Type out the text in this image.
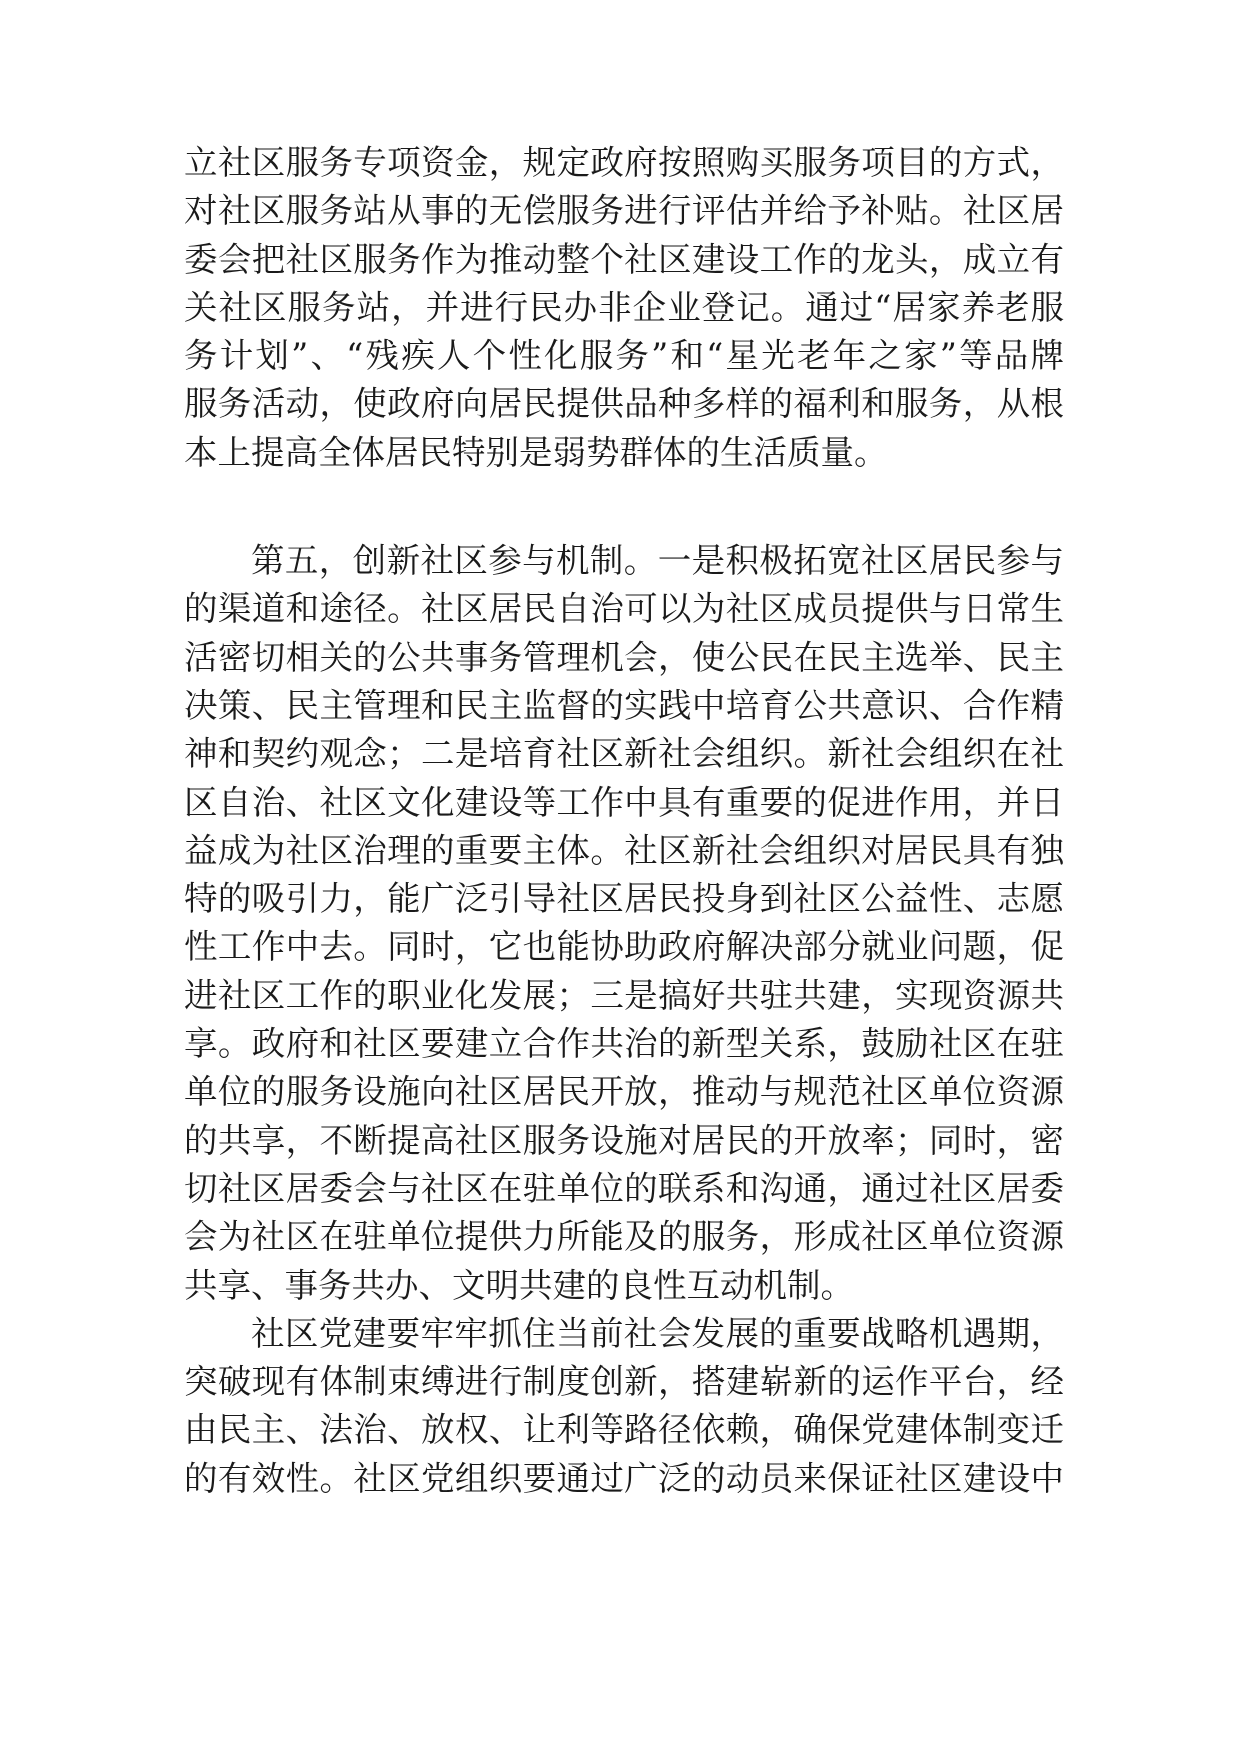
立社区服务专项资金，规定政府按照购买服务项目的方式，
对社区服务站从事的无偿服务进行评估并给予补贴。社区居
委会把社区服务作为推动整个社区建设工作的龙头，成立有
关社区服务站，并进行民办非企业登记。通过“居家养老服
务计划”、“残疾人个性化服务”和“星光老年之家”等品牌
服务活动，使政府向居民提供品种多样的福利和服务，从根
本上提高全体居民特别是弱势群体的生活质量。
第五，创新社区参与机制。一是积极拓宽社区居民参与
的渠道和途径。社区居民自治可以为社区成员提供与日常生
活密切相关的公共事务管理机会，使公民在民主选举、民主
决策、民主管理和民主监督的实践中培育公共意识、合作精
神和契约观念；二是培育社区新社会组织。新社会组织在社
区自治、社区文化建设等工作中具有重要的促进作用，并日
益成为社区治理的重要主体。社区新社会组织对居民具有独
特的吸引力，能广泛引导社区居民投身到社区公益性、志愿
性工作中去。同时，它也能协助政府解决部分就业问题，促
进社区工作的职业化发展；三是搞好共驻共建，实现资源共
享。政府和社区要建立合作共治的新型关系，鼓励社区在驻
单位的服务设施向社区居民开放，推动与规范社区单位资源
的共享，不断提高社区服务设施对居民的开放率；同时，密
切社区居委会与社区在驻单位的联系和沟通，通过社区居委
会为社区在驻单位提供力所能及的服务，形成社区单位资源
共享、事务共办、文明共建的良性互动机制。
社区党建要牢牢抓住当前社会发展的重要战略机遇期，
突破现有体制束缚进行制度创新，搭建崭新的运作平台，经
由民主、法治、放权、让利等路径依赖，确保党建体制变迁
的有效性。社区党组织要通过广泛的动员来保证社区建设中
